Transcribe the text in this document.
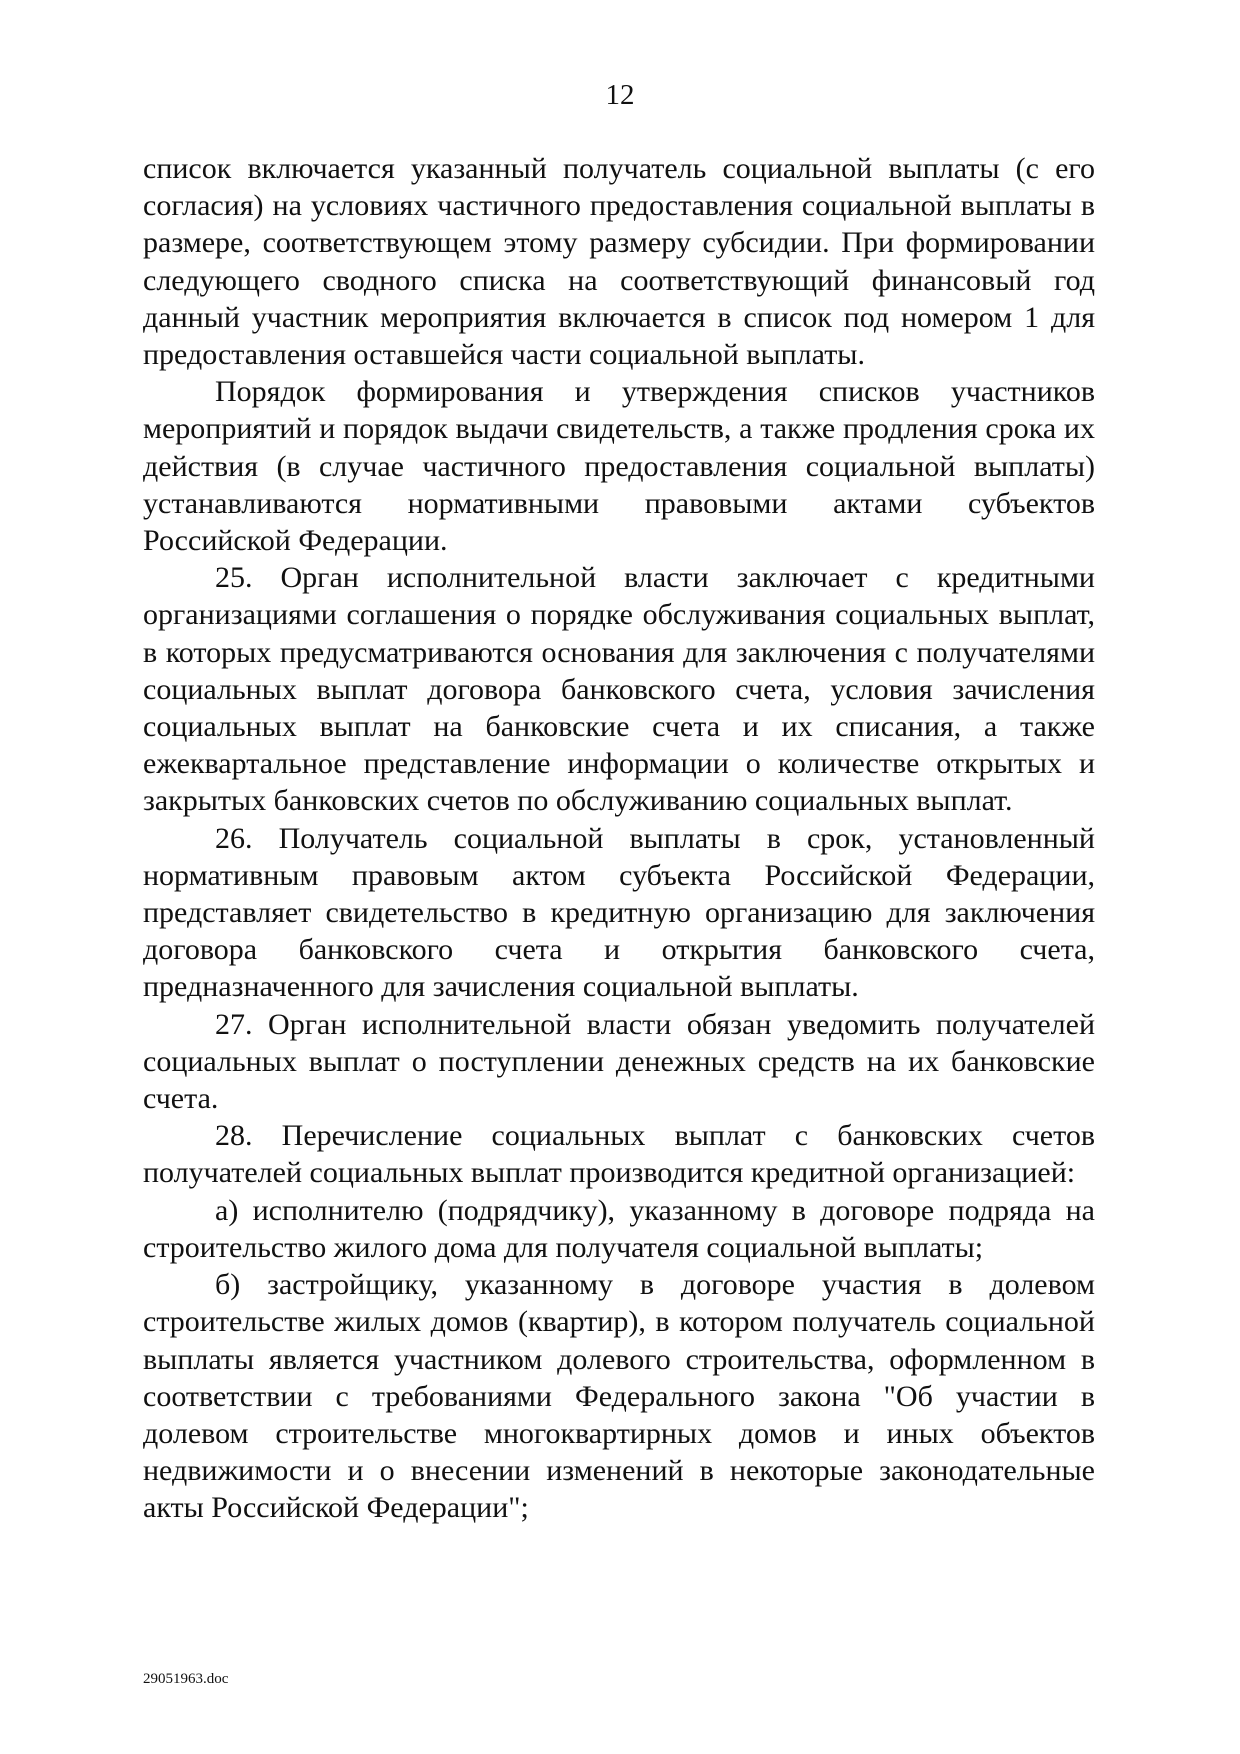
12

список включается указанный получатель социальной выплаты (с его согласия) на условиях частичного предоставления социальной выплаты в размере, соответствующем этому размеру субсидии. При формировании следующего сводного списка на соответствующий финансовый год данный участник мероприятия включается в список под номером 1 для предоставления оставшейся части социальной выплаты.

Порядок формирования и утверждения списков участников мероприятий и порядок выдачи свидетельств, а также продления срока их действия (в случае частичного предоставления социальной выплаты) устанавливаются нормативными правовыми актами субъектов Российской Федерации.

25. Орган исполнительной власти заключает с кредитными организациями соглашения о порядке обслуживания социальных выплат, в которых предусматриваются основания для заключения с получателями социальных выплат договора банковского счета, условия зачисления социальных выплат на банковские счета и их списания, а также ежеквартальное представление информации о количестве открытых и закрытых банковских счетов по обслуживанию социальных выплат.

26. Получатель социальной выплаты в срок, установленный нормативным правовым актом субъекта Российской Федерации, представляет свидетельство в кредитную организацию для заключения договора банковского счета и открытия банковского счета, предназначенного для зачисления социальной выплаты.

27. Орган исполнительной власти обязан уведомить получателей социальных выплат о поступлении денежных средств на их банковские счета.

28. Перечисление социальных выплат с банковских счетов получателей социальных выплат производится кредитной организацией:

а) исполнителю (подрядчику), указанному в договоре подряда на строительство жилого дома для получателя социальной выплаты;

б) застройщику, указанному в договоре участия в долевом строительстве жилых домов (квартир), в котором получатель социальной выплаты является участником долевого строительства, оформленном в соответствии с требованиями Федерального закона "Об участии в долевом строительстве многоквартирных домов и иных объектов недвижимости и о внесении изменений в некоторые законодательные акты Российской Федерации";

29051963.doc
